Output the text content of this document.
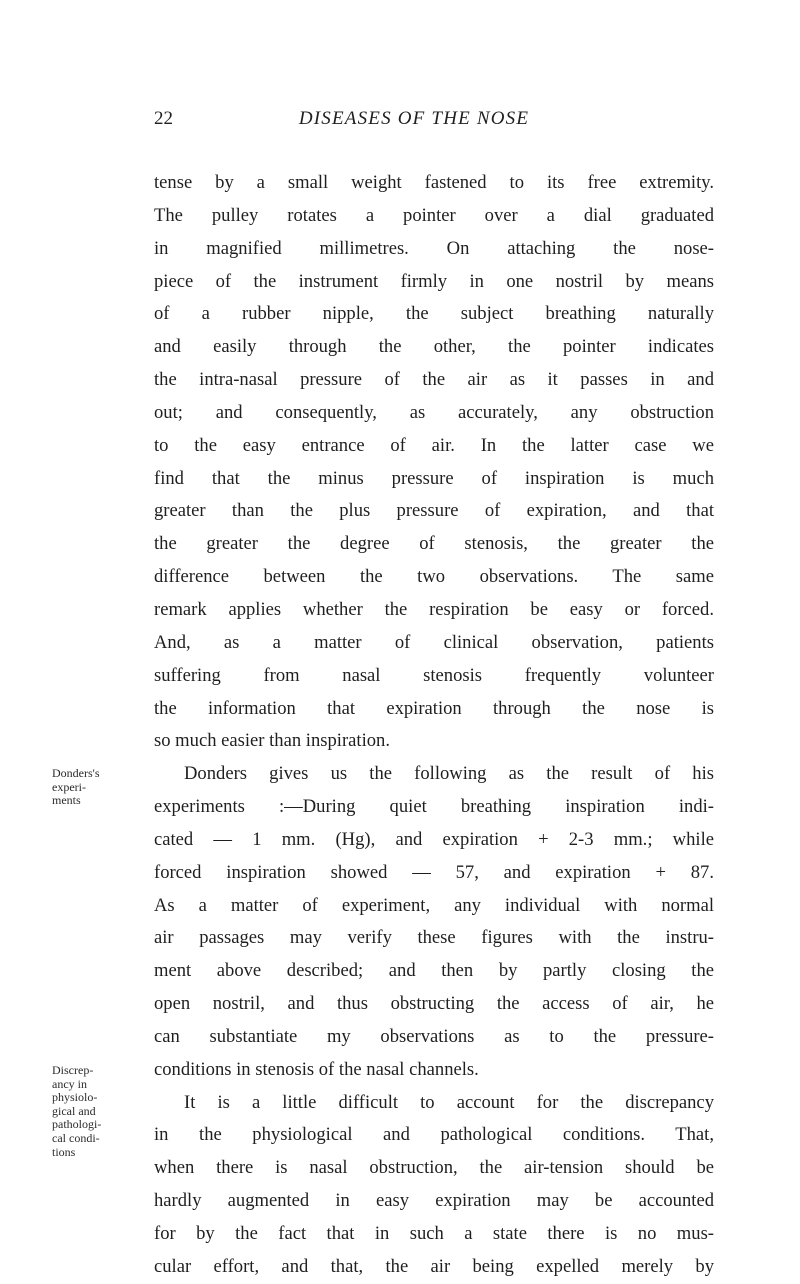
22	DISEASES OF THE NOSE
Donders's
experi-
ments
Discrep-
ancy in
physiolo-
gical and
pathologi-
cal condi-
tions
tense by a small weight fastened to its free extremity.
The pulley rotates a pointer over a dial graduated
in magnified millimetres. On attaching the nose-
piece of the instrument firmly in one nostril by means
of a rubber nipple, the subject breathing naturally
and easily through the other, the pointer indicates
the intra-nasal pressure of the air as it passes in and
out; and consequently, as accurately, any obstruction
to the easy entrance of air. In the latter case we
find that the minus pressure of inspiration is much
greater than the plus pressure of expiration, and that
the greater the degree of stenosis, the greater the
difference between the two observations. The same
remark applies whether the respiration be easy or forced.
And, as a matter of clinical observation, patients
suffering from nasal stenosis frequently volunteer
the information that expiration through the nose is
so much easier than inspiration.
Donders gives us the following as the result of his
experiments :—During quiet breathing inspiration indi-
cated — 1 mm. (Hg), and expiration + 2-3 mm.; while
forced inspiration showed — 57, and expiration + 87.
As a matter of experiment, any individual with normal
air passages may verify these figures with the instru-
ment above described; and then by partly closing the
open nostril, and thus obstructing the access of air, he
can substantiate my observations as to the pressure-
conditions in stenosis of the nasal channels.
It is a little difficult to account for the discrepancy
in the physiological and pathological conditions. That,
when there is nasal obstruction, the air-tension should be
hardly augmented in easy expiration may be accounted
for by the fact that in such a state there is no mus-
cular effort, and that, the air being expelled merely by
